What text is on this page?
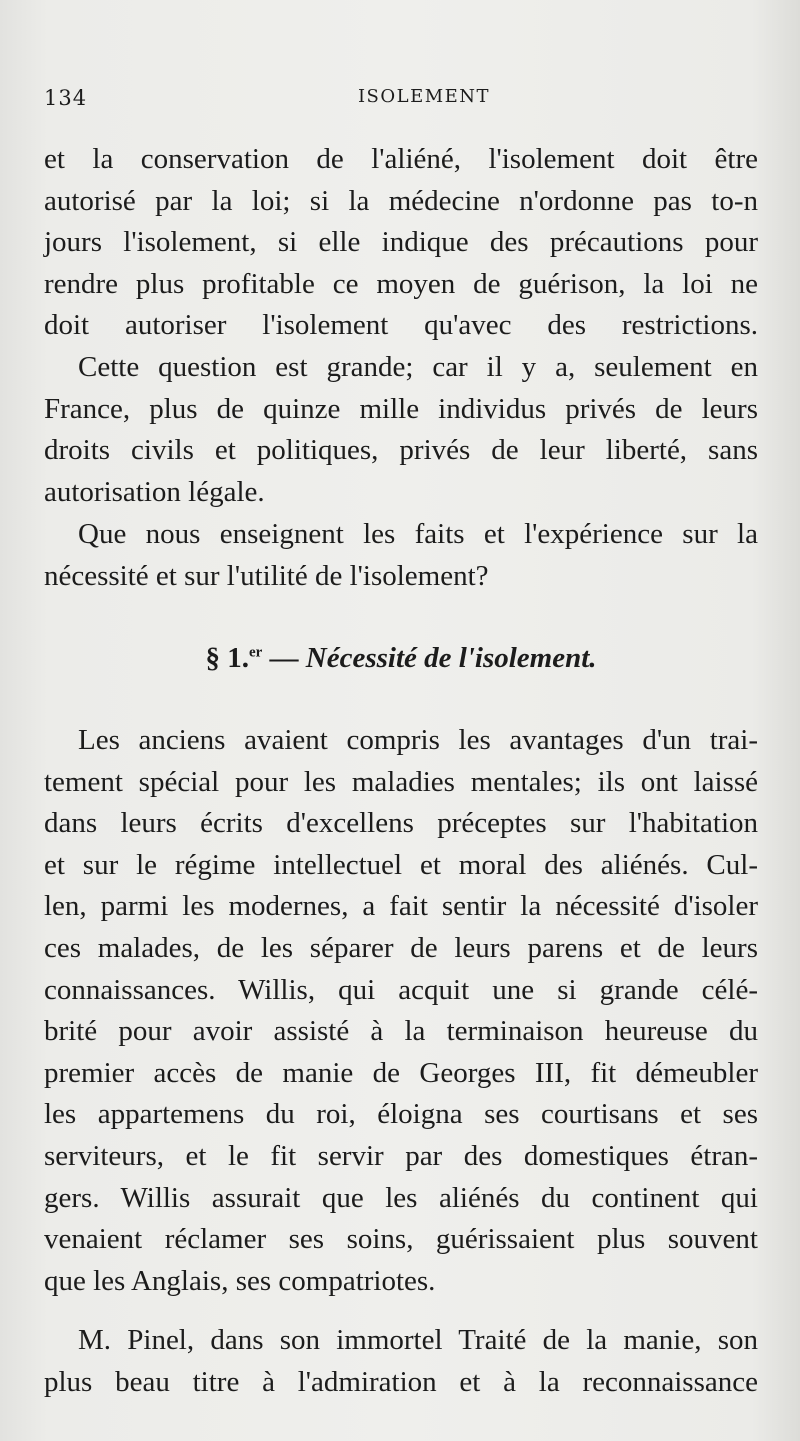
134	ISOLEMENT

et la conservation de l'aliéné, l'isolement doit être
autorisé par la loi; si la médecine n'ordonne pas to-n
jours l'isolement, si elle indique des précautions pour
rendre plus profitable ce moyen de guérison, la loi ne
doit autoriser l'isolement qu'avec des restrictions.

Cette question est grande; car il y a, seulement en
France, plus de quinze mille individus privés de leurs
droits civils et politiques, privés de leur liberté, sans
autorisation légale.

Que nous enseignent les faits et l'expérience sur la
nécessité et sur l'utilité de l'isolement?

§ 1.$^{er}$ — Nécessité de l'isolement.

Les anciens avaient compris les avantages d'un trai-
tement spécial pour les maladies mentales; ils ont laissé
dans leurs écrits d'excellens préceptes sur l'habitation
et sur le régime intellectuel et moral des aliénés. Cul-
len, parmi les modernes, a fait sentir la nécessité d'isoler
ces malades, de les séparer de leurs parens et de leurs
connaissances. Willis, qui acquit une si grande célé-
brité pour avoir assisté à la terminaison heureuse du
premier accès de manie de Georges III, fit démeubler
les appartemens du roi, éloigna ses courtisans et ses
serviteurs, et le fit servir par des domestiques étran-
gers. Willis assurait que les aliénés du continent qui
venaient réclamer ses soins, guérissaient plus souvent
que les Anglais, ses compatriotes.

M. Pinel, dans son immortel Traité de la manie, son
plus beau titre à l'admiration et à la reconnaissance
